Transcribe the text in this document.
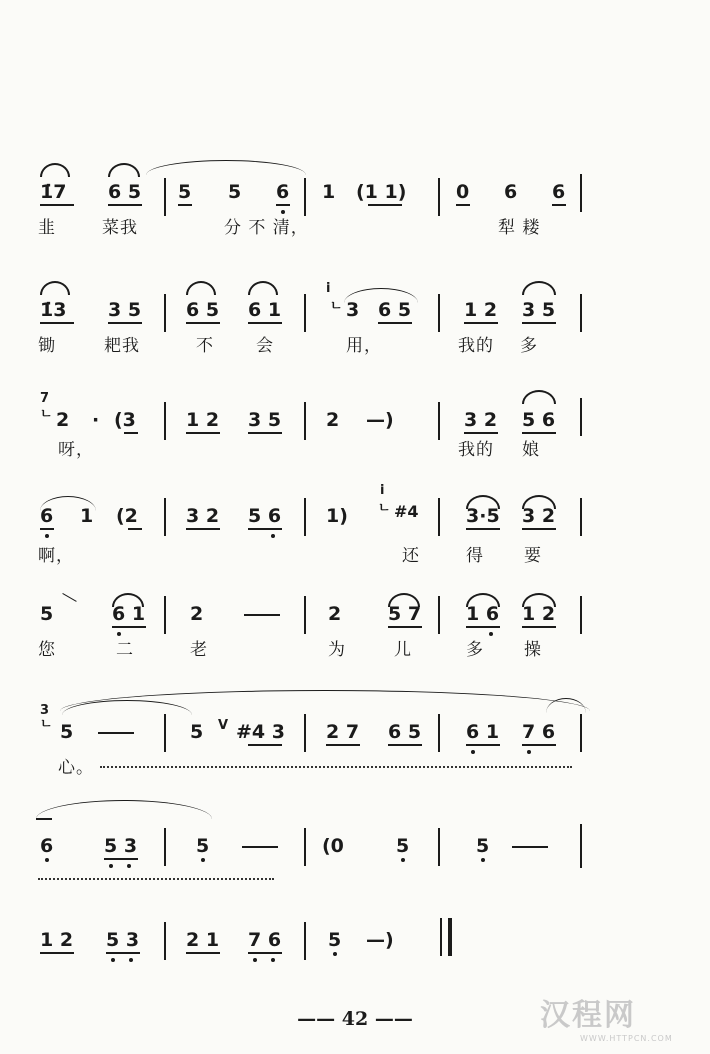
1̇7 6 5 5 5 6 1 (1 1)	0 6 6
韭	菜我	分 不 清，	犁 耧
1̇3 3 5 6 5 6 1
i
ㄴ 3 6 5	1 2 3 5
锄	耙我	不 会	用，	我的 多
7
ㄴ 2 · (3	1 2 3 5 2 —)	3 2 5 6
呀，	我的 娘
6 1 (2	3 2 5 6 1)
i
ㄴ #4 3·5 3 2
啊，	还	得 要
5	6 1 2	2 5 7 1 6 1 2
您	二	老	为	儿	多 操
3
ㄴ 5	5 V #4 3 2 7 6 5 6 1 7 6
心。
6	5 3	5	(0	5	5
1 2 5 3 2 1 7 6 5 —)
—— 42 ——	汉程网
WWW.HTTPCN.COM
